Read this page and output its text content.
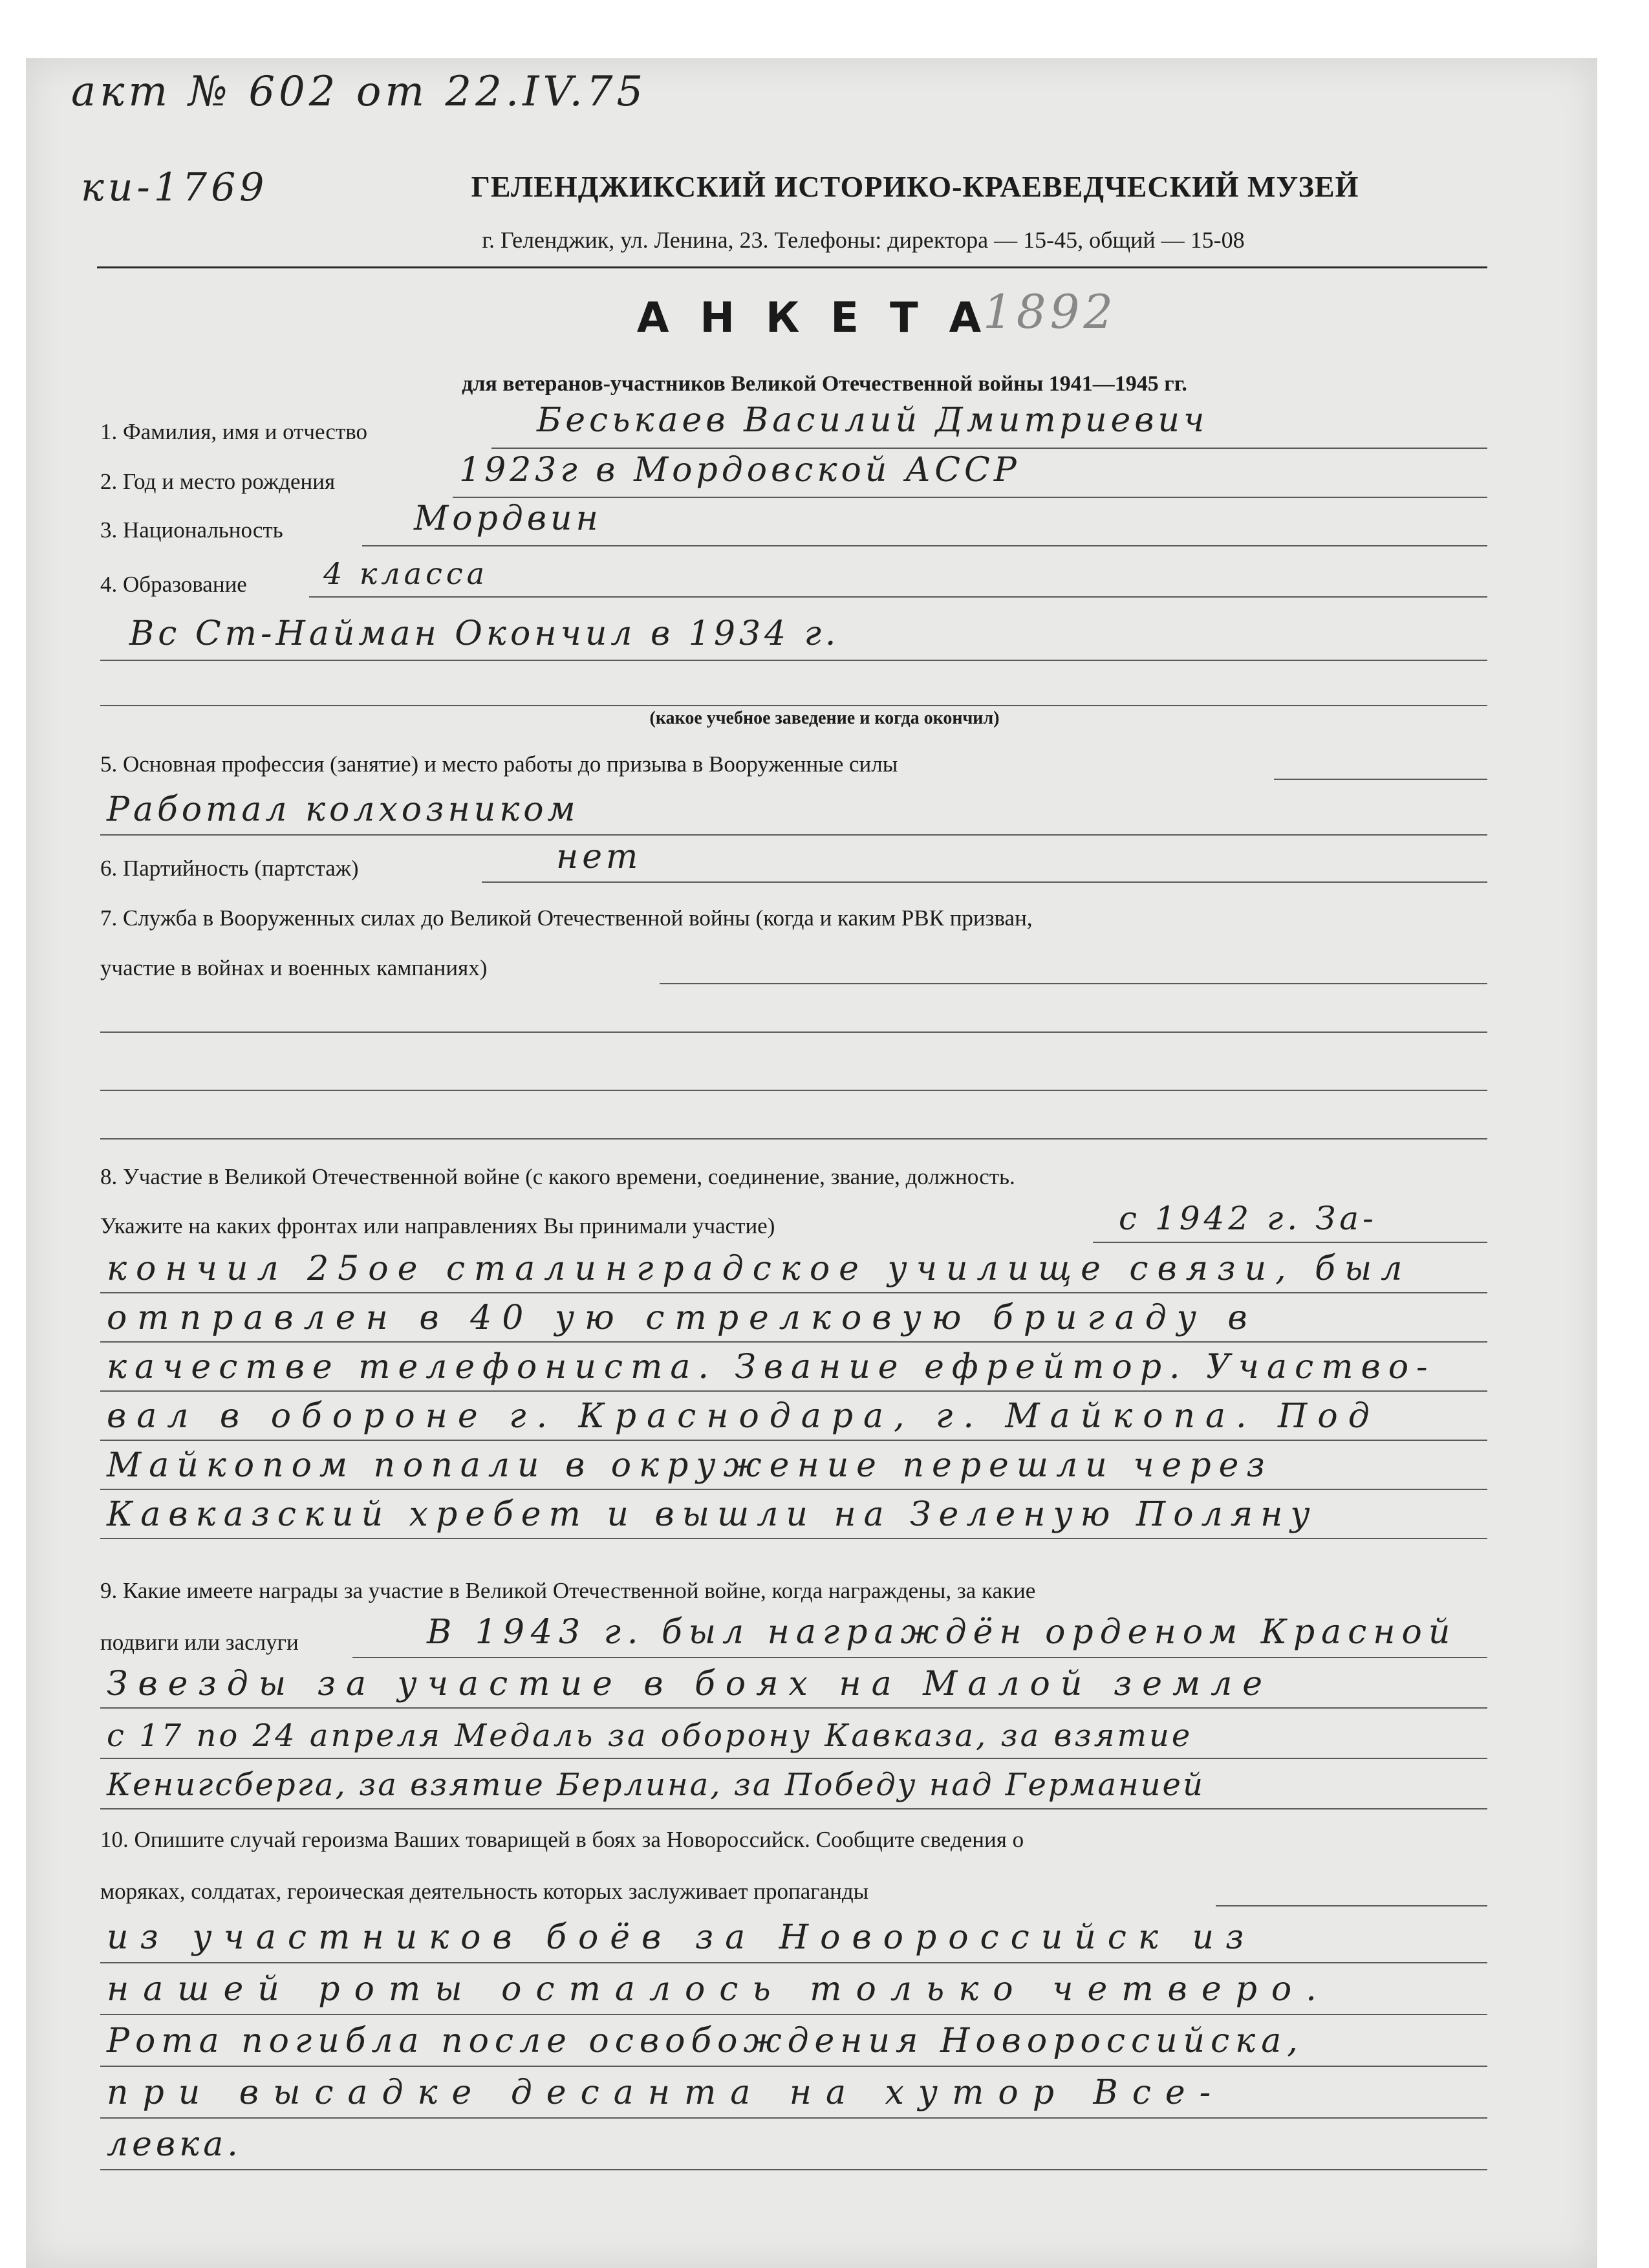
акт № 602 от 22.IV.75
ки-1769
1892
ГЕЛЕНДЖИКСКИЙ ИСТОРИКО-КРАЕВЕДЧЕСКИЙ МУЗЕЙ
г. Геленджик, ул. Ленина, 23. Телефоны: директора — 15-45, общий — 15-08
АНКЕТА
для ветеранов-участников Великой Отечественной войны 1941—1945 гг.
1. Фамилия, имя и отчество	Беськаев Василий Дмитриевич
2. Год и место рождения	1923г в Мордовской АССР
3. Национальность	Мордвин
4. Образование	4 класса
Вс Ст-Найман Окончил в 1934 г.
(какое учебное заведение и когда окончил)
5. Основная профессия (занятие) и место работы до призыва в Вооруженные силы
Работал колхозником
6. Партийность (партстаж)	нет
7. Служба в Вооруженных силах до Великой Отечественной войны (когда и каким РВК призван,
участие в войнах и военных кампаниях)
8. Участие в Великой Отечественной войне (с какого времени, соединение, звание, должность.
Укажите на каких фронтах или направлениях Вы принимали участие)	с 1942 г. За-
кончил 25ое сталинградское училище связи, был
отправлен в 40 ую стрелковую бригаду в
качестве телефониста. Звание ефрейтор. Участво-
вал в обороне г. Краснодара, г. Майкопа. Под
Майкопом попали в окружение перешли через
Кавказский хребет и вышли на Зеленую Поляну
9. Какие имеете награды за участие в Великой Отечественной войне, когда награждены, за какие
подвиги или заслуги	В 1943 г. был награждён орденом Красной
Звезды за участие в боях на Малой земле
с 17 по 24 апреля Медаль за оборону Кавказа, за взятие
Кенигсберга, за взятие Берлина, за Победу над Германией
10. Опишите случай героизма Ваших товарищей в боях за Новороссийск. Сообщите сведения о
моряках, солдатах, героическая деятельность которых заслуживает пропаганды
из участников боёв за Новороссийск из
нашей роты осталось только четверо.
Рота погибла после освобождения Новороссийска,
при высадке десанта на хутор Все-
левка.
